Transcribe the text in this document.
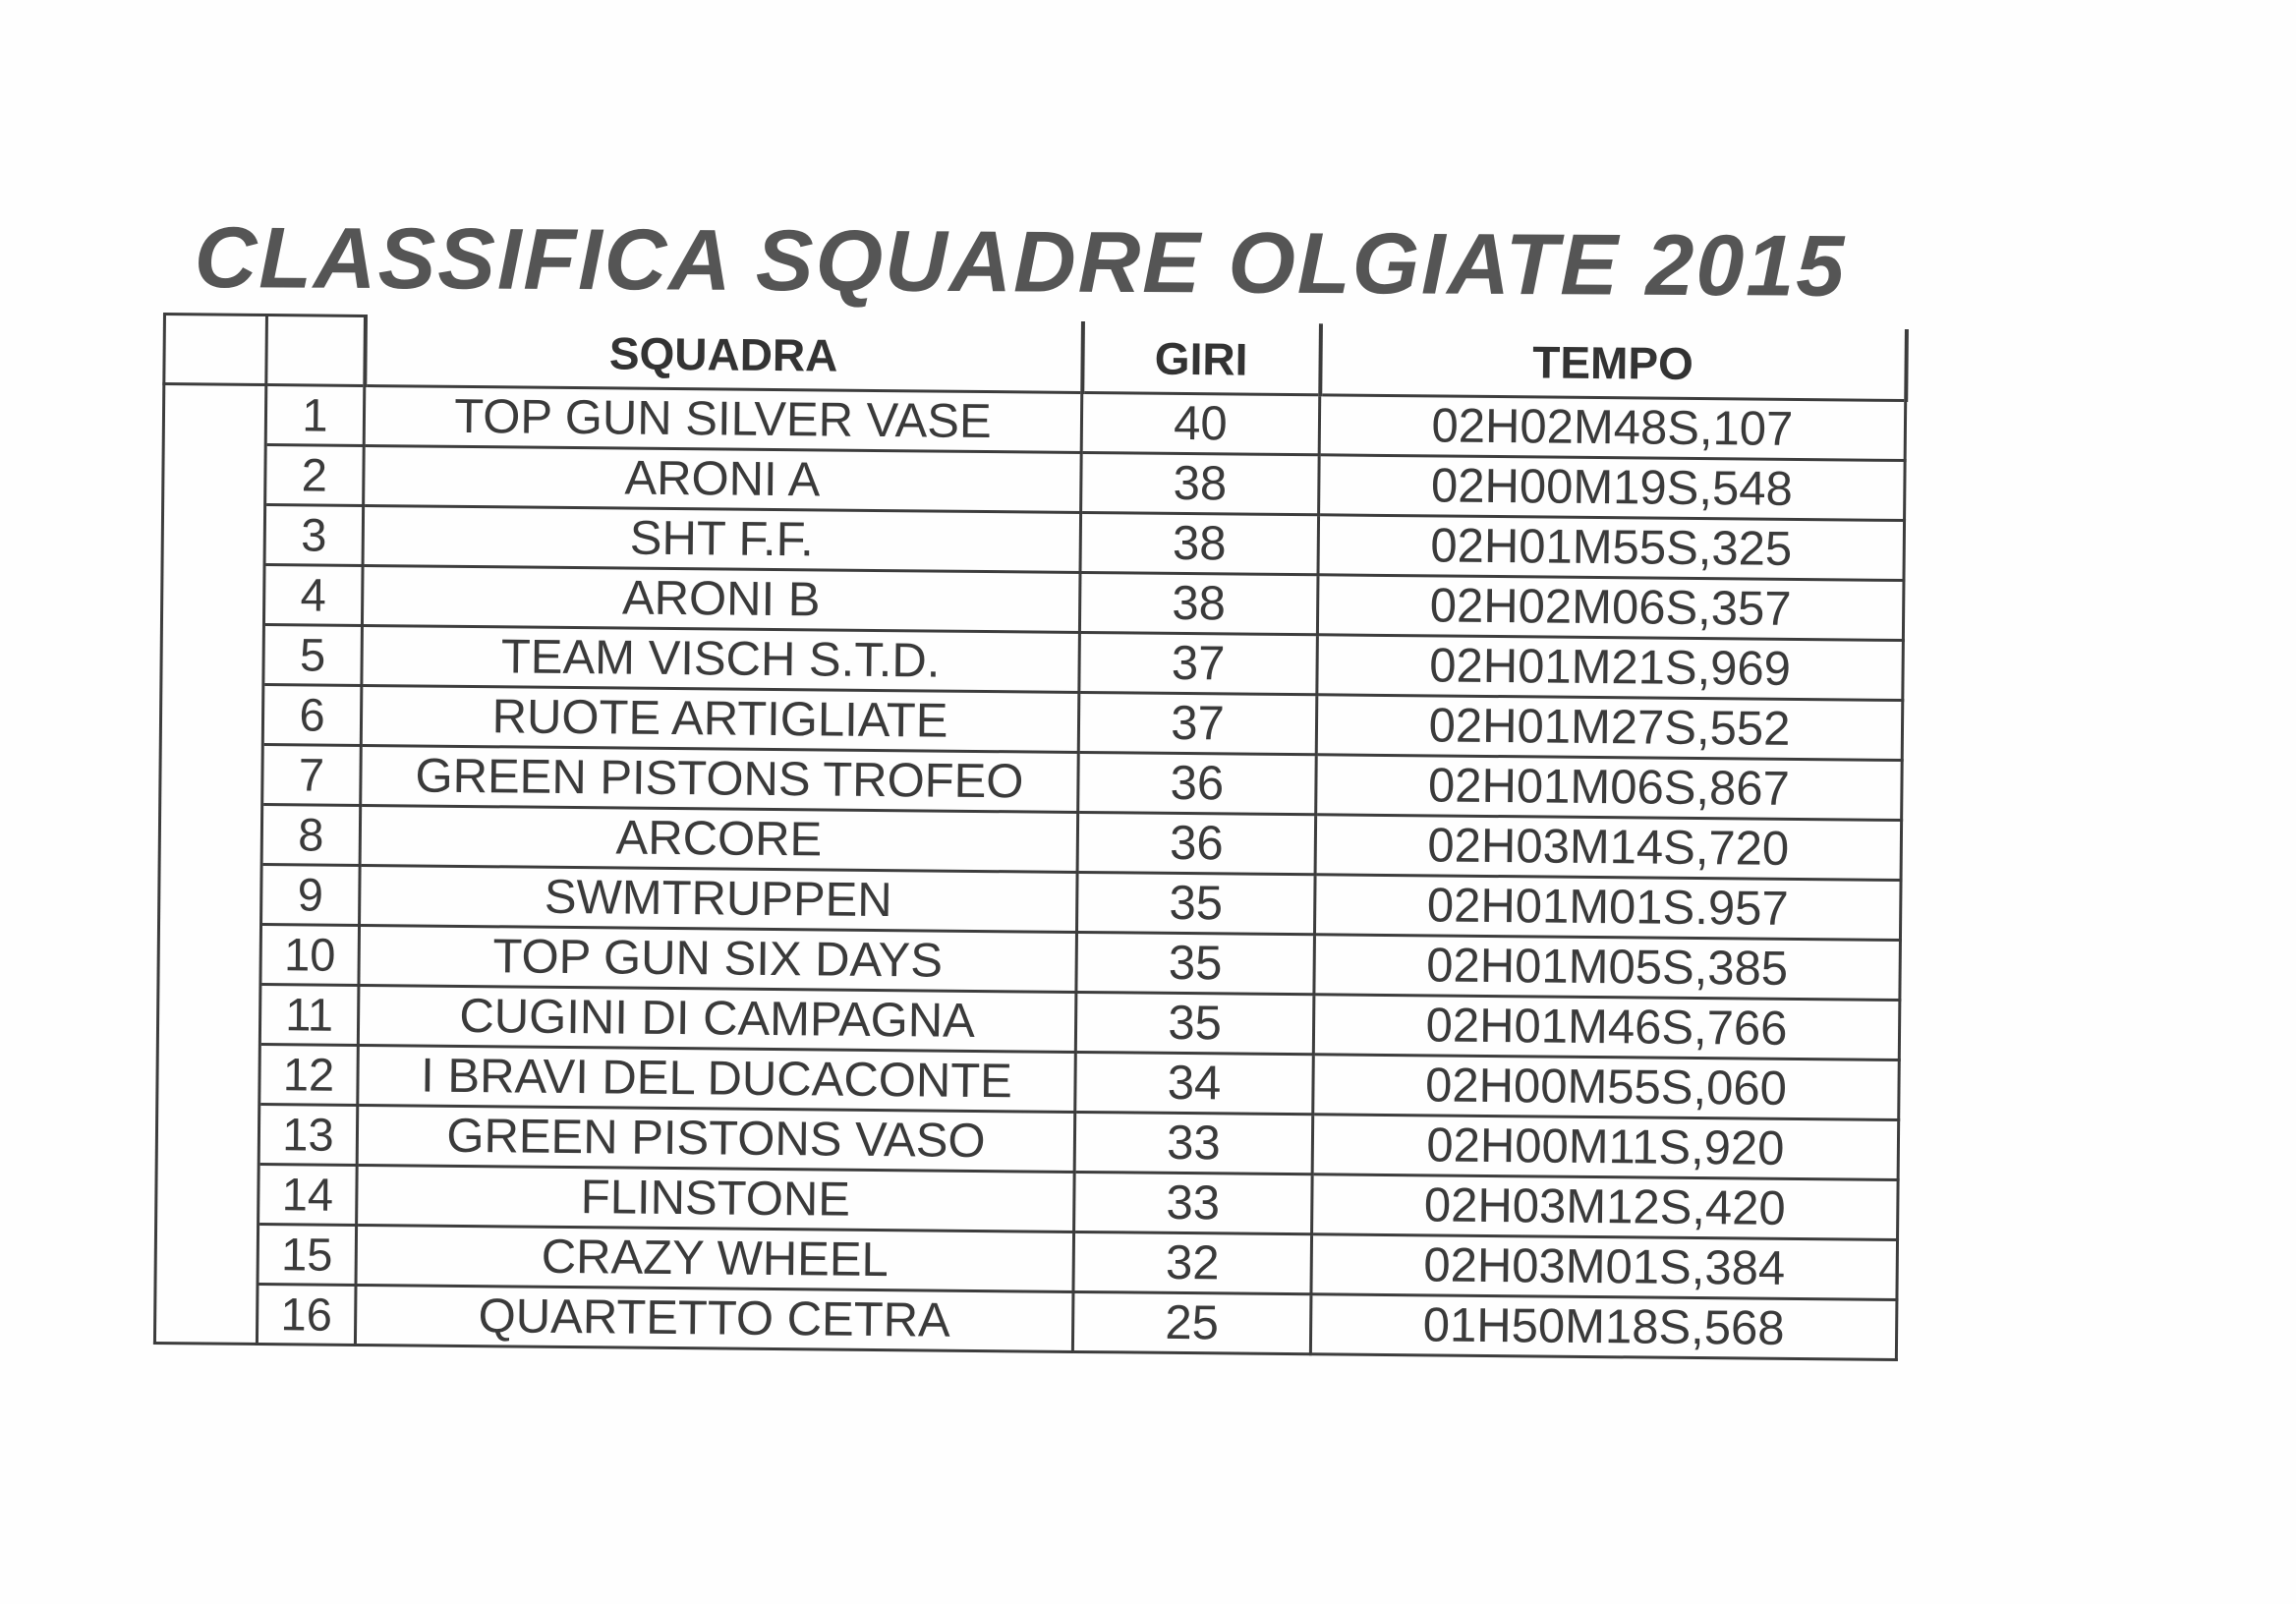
CLASSIFICA SQUADRE OLGIATE 2015
		SQUADRA	GIRI	TEMPO
	1	TOP GUN SILVER VASE	40	02H02M48S,107
	2	ARONI A	38	02H00M19S,548
	3	SHT F.F.	38	02H01M55S,325
	4	ARONI B	38	02H02M06S,357
	5	TEAM VISCH S.T.D.	37	02H01M21S,969
	6	RUOTE ARTIGLIATE	37	02H01M27S,552
	7	GREEN PISTONS TROFEO	36	02H01M06S,867
	8	ARCORE	36	02H03M14S,720
	9	SWMTRUPPEN	35	02H01M01S.957
	10	TOP GUN SIX DAYS	35	02H01M05S,385
	11	CUGINI DI CAMPAGNA	35	02H01M46S,766
	12	I BRAVI DEL DUCACONTE	34	02H00M55S,060
	13	GREEN PISTONS VASO	33	02H00M11S,920
	14	FLINSTONE	33	02H03M12S,420
	15	CRAZY WHEEL	32	02H03M01S,384
	16	QUARTETTO CETRA	25	01H50M18S,568
